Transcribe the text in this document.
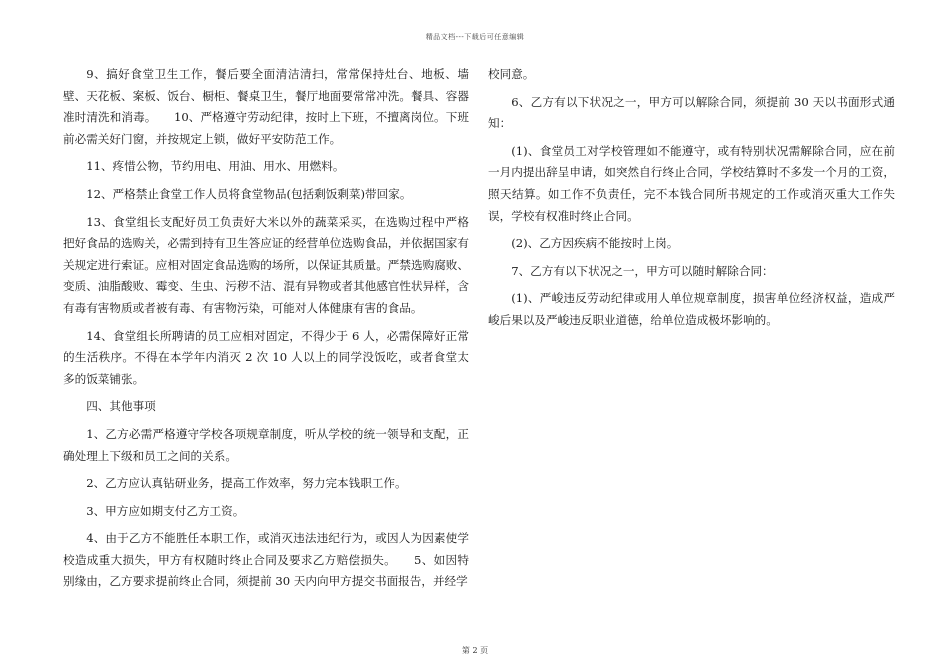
精品文档---下载后可任意编辑

9、搞好食堂卫生工作，餐后要全面清洁清扫，常常保持灶台、地板、墙壁、天花板、案板、饭台、橱柜、餐桌卫生，餐厅地面要常常冲洗。餐具、容器准时清洗和消毒。　　10、严格遵守劳动纪律，按时上下班，不擅离岗位。下班前必需关好门窗，并按规定上锁，做好平安防范工作。

11、疼惜公物，节约用电、用油、用水、用燃料。

12、严格禁止食堂工作人员将食堂物品(包括剩饭剩菜)带回家。

13、食堂组长支配好员工负责好大米以外的蔬菜采买，在选购过程中严格把好食品的选购关，必需到持有卫生答应证的经营单位选购食品，并依据国家有关规定进行索证。应相对固定食品选购的场所，以保证其质量。严禁选购腐败、变质、油脂酸败、霉变、生虫、污秽不洁、混有异物或者其他感官性状异样，含有毒有害物质或者被有毒、有害物污染，可能对人体健康有害的食品。

14、食堂组长所聘请的员工应相对固定，不得少于 6 人，必需保障好正常的生活秩序。不得在本学年内消灭 2 次 10 人以上的同学没饭吃，或者食堂太多的饭菜铺张。

四、其他事项

1、乙方必需严格遵守学校各项规章制度，听从学校的统一领导和支配，正确处理上下级和员工之间的关系。

2、乙方应认真钻研业务，提高工作效率，努力完本钱职工作。

3、甲方应如期支付乙方工资。

4、由于乙方不能胜任本职工作，或消灭违法违纪行为，或因人为因素使学校造成重大损失，甲方有权随时终止合同及要求乙方赔偿损失。　　5、如因特别缘由，乙方要求提前终止合同，须提前 30 天内向甲方提交书面报告，并经学

校同意。

6、乙方有以下状况之一，甲方可以解除合同，须提前 30 天以书面形式通知：

(1)、食堂员工对学校管理如不能遵守，或有特别状况需解除合同，应在前一月内提出辞呈申请，如突然自行终止合同，学校结算时不多发一个月的工资，照天结算。如工作不负责任，完不本钱合同所书规定的工作或消灭重大工作失误，学校有权准时终止合同。

(2)、乙方因疾病不能按时上岗。

7、乙方有以下状况之一，甲方可以随时解除合同：

(1)、严峻违反劳动纪律或用人单位规章制度，损害单位经济权益，造成严峻后果以及严峻违反职业道德，给单位造成极坏影响的。

第 2 页
